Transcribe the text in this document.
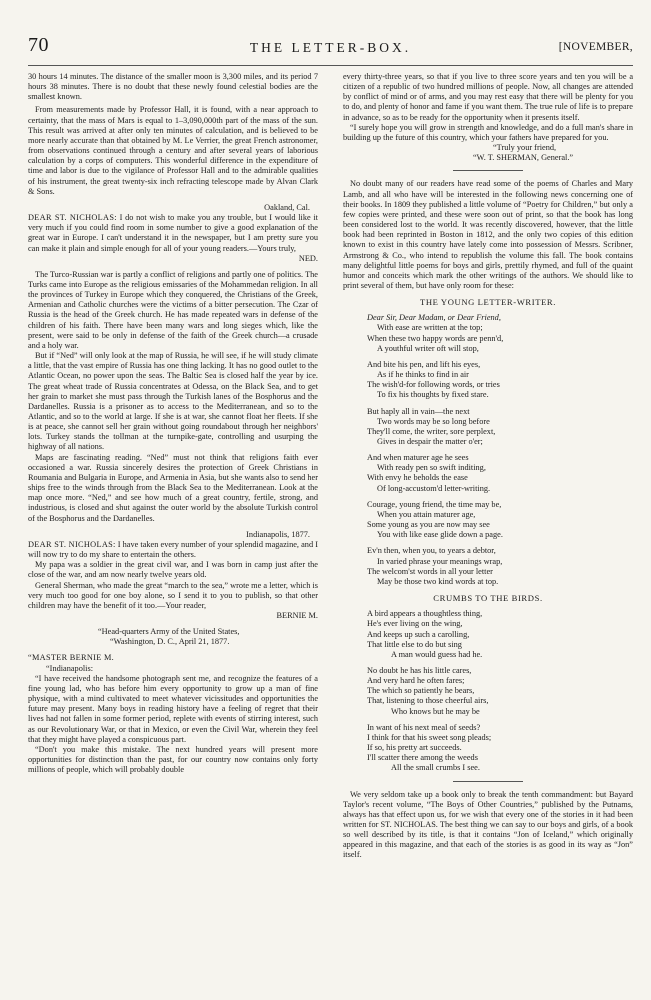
70	THE LETTER-BOX.	[NOVEMBER,

30 hours 14 minutes. The distance of the smaller moon is 3,300 miles, and its period 7 hours 38 minutes. There is no doubt that these newly found celestial bodies are the smallest known.

From measurements made by Professor Hall, it is found, with a near approach to certainty, that the mass of Mars is equal to 1–3,090,000th part of the mass of the sun. This result was arrived at after only ten minutes of calculation, and is believed to be more nearly accurate than that obtained by M. Le Verrier, the great French astronomer, from observations continued through a century and after several years of laborious calculation by a corps of computers. This wonderful difference in the expenditure of time and labor is due to the vigilance of Professor Hall and to the admirable qualities of his instrument, the great twenty-six inch refracting telescope made by Alvan Clark & Sons.

Oakland, Cal.

DEAR ST. NICHOLAS: I do not wish to make you any trouble, but I would like it very much if you could find room in some number to give a good explanation of the great war in Europe. I can't understand it in the newspaper, but I am pretty sure you can make it plain and simple enough for all of your young readers.—Yours truly,

NED.

The Turco-Russian war is partly a conflict of religions and partly one of politics. The Turks came into Europe as the religious emissaries of the Mohammedan religion. In all the provinces of Turkey in Europe which they conquered, the Christians of the Greek, Armenian and Catholic churches were the victims of a bitter persecution. The Czar of Russia is the head of the Greek church. He has made repeated wars in defense of the children of his faith. There have been many wars and long sieges which, like the present, were said to be only in defense of the faith of the Greek church—a crusade and a holy war.

But if “Ned” will only look at the map of Russia, he will see, if he will study climate a little, that the vast empire of Russia has one thing lacking. It has no good outlet to the Atlantic Ocean, no power upon the seas. The Baltic Sea is closed half the year by ice. The great wheat trade of Russia concentrates at Odessa, on the Black Sea, and to get her grain to market she must pass through the Turkish lanes of the Bosphorus and the Dardanelles. Russia is a prisoner as to access to the Mediterranean, and so to the Atlantic, and so to the world at large. If she is at war, she cannot float her fleets. If she is at peace, she cannot sell her grain without going roundabout through her neighbors' lots. Turkey stands the tollman at the turnpike-gate, controlling and usurping the highway of all nations.

Maps are fascinating reading. “Ned” must not think that religions faith ever occasioned a war. Russia sincerely desires the protection of Greek Christians in Roumania and Bulgaria in Europe, and Armenia in Asia, but she wants also to send her ships free to the winds through from the Black Sea to the Mediterranean. Look at the map once more. “Ned,” and see how much of a great country, fertile, strong, and industrious, is closed and shut against the outer world by the absolute Turkish control of the Bosphorus and the Dardanelles.

Indianapolis, 1877.

DEAR ST. NICHOLAS: I have taken every number of your splendid magazine, and I will now try to do my share to entertain the others.

My papa was a soldier in the great civil war, and I was born in camp just after the close of the war, and am now nearly twelve years old.

General Sherman, who made the great “march to the sea,” wrote me a letter, which is very much too good for one boy alone, so I send it to you to publish, so that other children may have the benefit of it too.—Your reader,

BERNIE M.
“Head-quarters Army of the United States,
“Washington, D. C., April 21, 1877.
“MASTER BERNIE M.
“Indianapolis:

“I have received the handsome photograph sent me, and recognize the features of a fine young lad, who has before him every opportunity to grow up a man of fine physique, with a mind cultivated to meet whatever vicissitudes and opportunities the future may present. Many boys in reading history have a feeling of regret that their lives had not fallen in some former period, replete with events of stirring interest, such as our Revolutionary War, or that in Mexico, or even the Civil War, wherein they feel that they might have played a conspicuous part.

“Don't you make this mistake. The next hundred years will present more opportunities for distinction than the past, for our country now contains only forty millions of people, which will probably double

every thirty-three years, so that if you live to three score years and ten you will be a citizen of a republic of two hundred millions of people. Now, all changes are attended by conflict of mind or of arms, and you may rest easy that there will be plenty for you to do, and plenty of honor and fame if you want them. The true rule of life is to prepare in advance, so as to be ready for the opportunity when it presents itself.

“I surely hope you will grow in strength and knowledge, and do a full man's share in building up the future of this country, which your fathers have prepared for you.

“Truly your friend,
“W. T. SHERMAN, General.”

No doubt many of our readers have read some of the poems of Charles and Mary Lamb, and all who have will be interested in the following news concerning one of their books. In 1809 they published a little volume of “Poetry for Children,” but only a few copies were printed, and these were soon out of print, so that the book has long been considered lost to the world. It was recently discovered, however, that the little book had been reprinted in Boston in 1812, and the only two copies of this edition known to exist in this country have lately come into possession of Messrs. Scribner, Armstrong & Co., who intend to republish the volume this fall. The book contains many delightful little poems for boys and girls, prettily rhymed, and full of the quaint humor and conceits which mark the other writings of the authors. We should like to print several of them, but have only room for these:

THE YOUNG LETTER-WRITER.
Dear Sir, Dear Madam, or Dear Friend,
With ease are written at the top;
When these two happy words are penn'd,
A youthful writer oft will stop,
And bite his pen, and lift his eyes,
As if he thinks to find in air
The wish'd-for following words, or tries
To fix his thoughts by fixed stare.
But haply all in vain—the next
Two words may be so long before
They'll come, the writer, sore perplext,
Gives in despair the matter o'er;
And when maturer age he sees
With ready pen so swift inditing,
With envy he beholds the ease
Of long-accustom'd letter-writing.
Courage, young friend, the time may be,
When you attain maturer age,
Some young as you are now may see
You with like ease glide down a page.
Ev'n then, when you, to years a debtor,
In varied phrase your meanings wrap,
The welcom'st words in all your letter
May be those two kind words at top.
CRUMBS TO THE BIRDS.
A bird appears a thoughtless thing,
He's ever living on the wing,
And keeps up such a carolling,
That little else to do but sing
A man would guess had he.
No doubt he has his little cares,
And very hard he often fares;
The which so patiently he bears,
That, listening to those cheerful airs,
Who knows but he may be
In want of his next meal of seeds?
I think for that his sweet song pleads;
If so, his pretty art succeeds.
I'll scatter there among the weeds
All the small crumbs I see.

We very seldom take up a book only to break the tenth commandment: but Bayard Taylor's recent volume, “The Boys of Other Countries,” published by the Putnams, always has that effect upon us, for we wish that every one of the stories in it had been written for ST. NICHOLAS. The best thing we can say to our boys and girls, of a book so well described by its title, is that it contains “Jon of Iceland,” which originally appeared in this magazine, and that each of the stories is as good in its way as “Jon” itself.
